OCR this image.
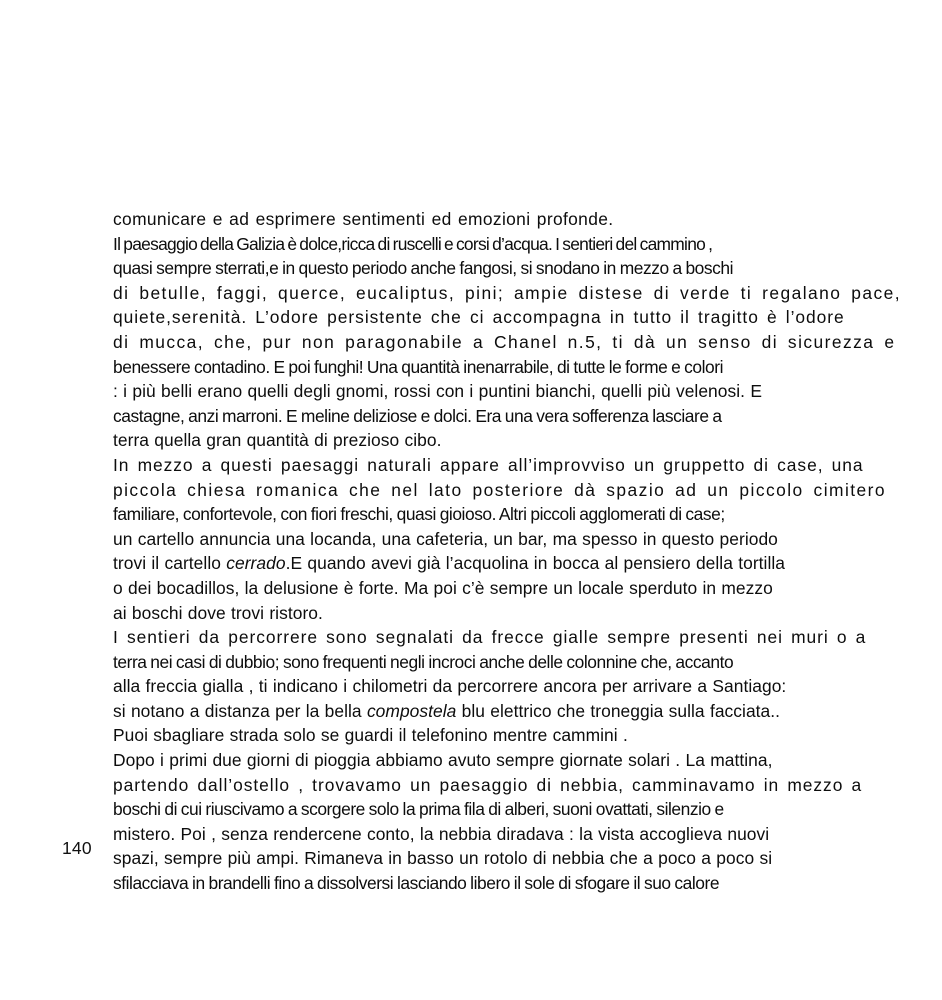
140
comunicare e ad esprimere sentimenti ed emozioni profonde.
Il paesaggio della Galizia è dolce,ricca di ruscelli e corsi d’acqua. I sentieri del cammino ,
quasi sempre sterrati,e in questo periodo anche fangosi, si snodano in mezzo a boschi
di betulle, faggi, querce, eucaliptus, pini; ampie distese di verde ti regalano pace,
quiete,serenità. L’odore persistente che ci accompagna in tutto il tragitto è l’odore
di mucca, che, pur non paragonabile a Chanel n.5, ti dà un senso di sicurezza e
benessere contadino. E poi funghi! Una quantità inenarrabile, di tutte le forme e colori
: i più belli erano quelli degli gnomi, rossi con i puntini bianchi, quelli più velenosi. E
castagne, anzi marroni. E meline deliziose e dolci. Era una vera sofferenza lasciare a
terra quella gran quantità di prezioso cibo.
In mezzo a questi paesaggi naturali appare all’improvviso un gruppetto di case, una
piccola chiesa romanica che nel lato posteriore dà spazio ad un piccolo cimitero
familiare, confortevole, con fiori freschi, quasi gioioso. Altri piccoli agglomerati di case;
un cartello annuncia una locanda, una cafeteria, un bar, ma spesso in questo periodo
trovi il cartello cerrado.E quando avevi già l’acquolina in bocca al pensiero della tortilla
o dei bocadillos, la delusione è forte. Ma poi c’è sempre un locale sperduto in mezzo
ai boschi dove trovi ristoro.
I sentieri da percorrere sono segnalati da frecce gialle sempre presenti nei muri o a
terra nei casi di dubbio; sono frequenti negli incroci anche delle colonnine che, accanto
alla freccia gialla , ti indicano i chilometri da percorrere ancora per arrivare a Santiago:
si notano a distanza per la bella compostela blu elettrico che troneggia sulla facciata..
Puoi sbagliare strada solo se guardi il telefonino mentre cammini .
Dopo i primi due giorni di pioggia abbiamo avuto sempre giornate solari . La mattina,
partendo dall’ostello , trovavamo un paesaggio di nebbia, camminavamo in mezzo a
boschi di cui riuscivamo a scorgere solo la prima fila di alberi, suoni ovattati, silenzio e
mistero. Poi , senza rendercene conto, la nebbia diradava : la vista accoglieva nuovi
spazi, sempre più ampi. Rimaneva in basso un rotolo di nebbia che a poco a poco si
sfilacciava in brandelli fino a dissolversi lasciando libero il sole di sfogare il suo calore
